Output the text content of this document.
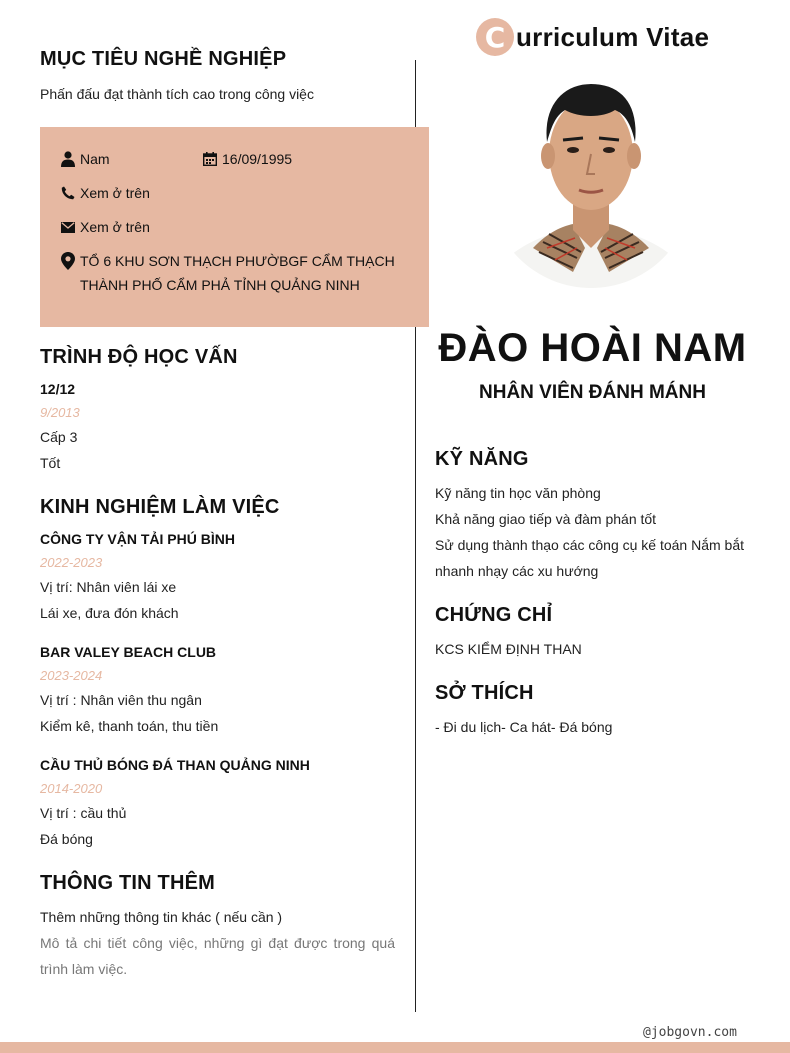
MỤC TIÊU NGHỀ NGHIỆP
Phấn đấu đạt thành tích cao trong công việc
Nam	16/09/1995
Xem ở trên
Xem ở trên
TỔ 6 KHU SƠN THẠCH PHƯỜBGF CẨM THẠCH
THÀNH PHỐ CẨM PHẢ TỈNH QUẢNG NINH
TRÌNH ĐỘ HỌC VẤN
12/12
9/2013
Cấp 3
Tốt
KINH NGHIỆM LÀM VIỆC
CÔNG TY VẬN TẢI PHÚ BÌNH
2022-2023
Vị trí: Nhân viên lái xe
Lái xe, đưa đón khách
BAR VALEY BEACH CLUB
2023-2024
Vị trí : Nhân viên thu ngân
Kiểm kê, thanh toán, thu tiền
CẦU THỦ BÓNG ĐÁ THAN QUẢNG NINH
2014-2020
Vị trí : cầu thủ
Đá bóng
THÔNG TIN THÊM
Thêm những thông tin khác ( nếu cần )
Mô tả chi tiết công việc, những gì đạt được trong quá trình làm việc.
C urriculum Vitae
ĐÀO HOÀI NAM
NHÂN VIÊN ĐÁNH MÁNH
KỸ NĂNG
Kỹ năng tin học văn phòng
Khả năng giao tiếp và đàm phán tốt
Sử dụng thành thạo các công cụ kế toán Nắm bắt
nhanh nhạy các xu hướng
CHỨNG CHỈ
KCS KIỂM ĐỊNH THAN
SỞ THÍCH
- Đi du lịch- Ca hát- Đá bóng
@jobgovn.com
